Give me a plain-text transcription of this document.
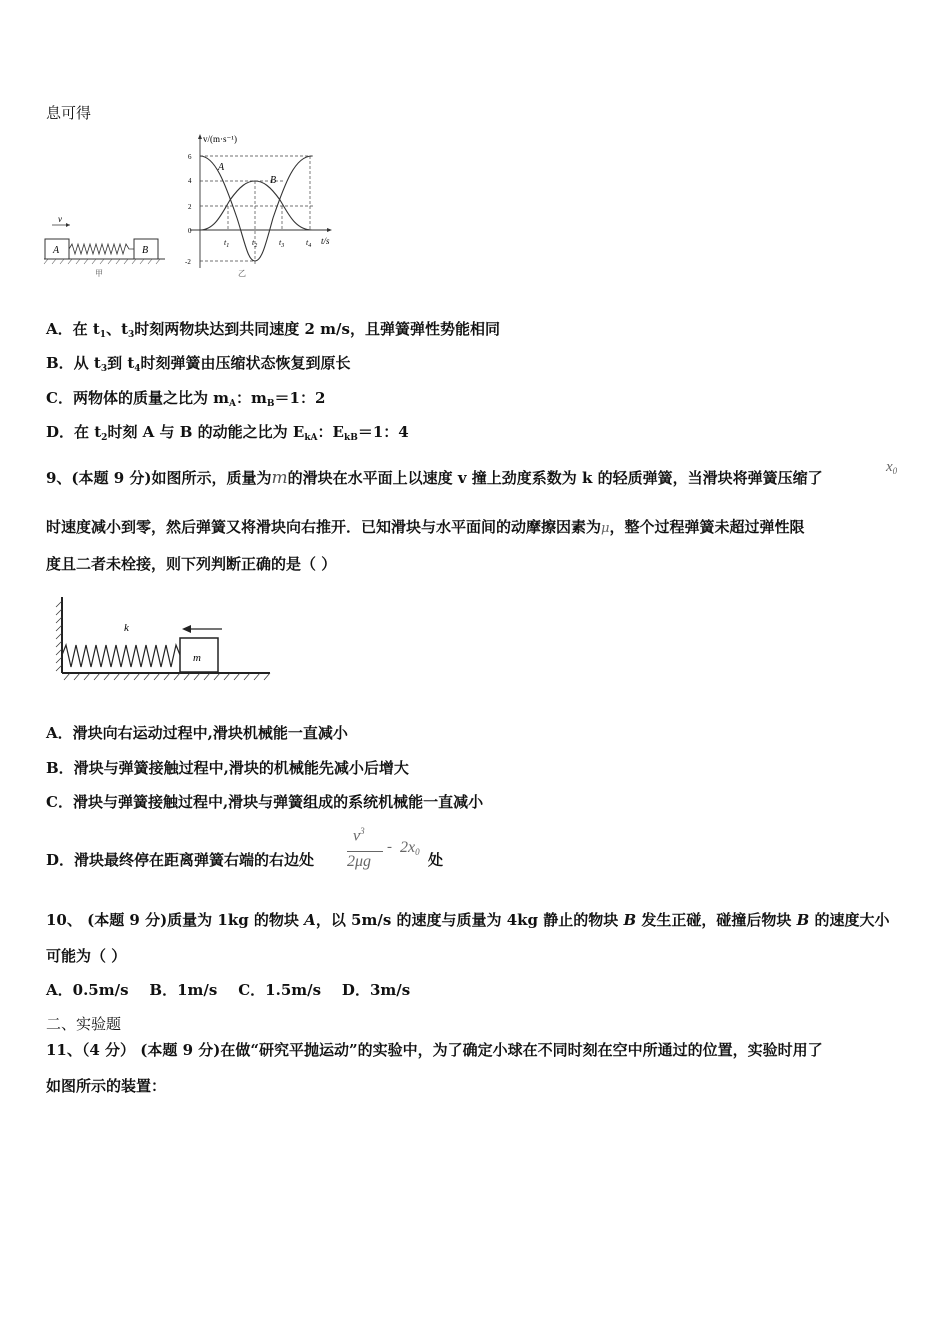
息可得
v
A	B
甲
v/(m·s⁻¹)
t/s
6
4
2
0
-2
A
B
$t_1$	$t_2$	$t_3$	$t_4$
乙
A．在 $t_1$、$t_3$时刻两物块达到共同速度 2 m/s，且弹簧弹性势能相同
B．从 $t_3$到 $t_4$时刻弹簧由压缩状态恢复到原长
C．两物体的质量之比为 $m_A$：$m_B=1$：2
D．在 $t_2$时刻 A 与 B 的动能之比为 $E_{kA}$：$E_{kB}=1$：4
9、(本题 9 分)如图所示，质量为m的滑块在水平面上以速度 v 撞上劲度系数为 k 的轻质弹簧，当滑块将弹簧压缩了
$x_0$
时速度减小到零，然后弹簧又将滑块向右推开．已知滑块与水平面间的动摩擦因素为μ，整个过程弹簧未超过弹性限
度且二者未栓接，则下列判断正确的是（ ）
k
m
A．滑块向右运动过程中,滑块机械能一直减小
B．滑块与弹簧接触过程中,滑块的机械能先减小后增大
C．滑块与弹簧接触过程中,滑块与弹簧组成的系统机械能一直减小
D．滑块最终停在距离弹簧右端的右边处
$v^3$
2μg
- $2x_0$ 处
10、 (本题 9 分)质量为 1kg 的物块 A，以 5m/s 的速度与质量为 4kg 静止的物块 B 发生正碰，碰撞后物块 B 的速度大小
可能为（ ）
A．0.5m/s    B．1m/s    C．1.5m/s    D．3m/s
二、实验题
11、（4 分） (本题 9 分)在做“研究平抛运动”的实验中，为了确定小球在不同时刻在空中所通过的位置，实验时用了
如图所示的装置：
